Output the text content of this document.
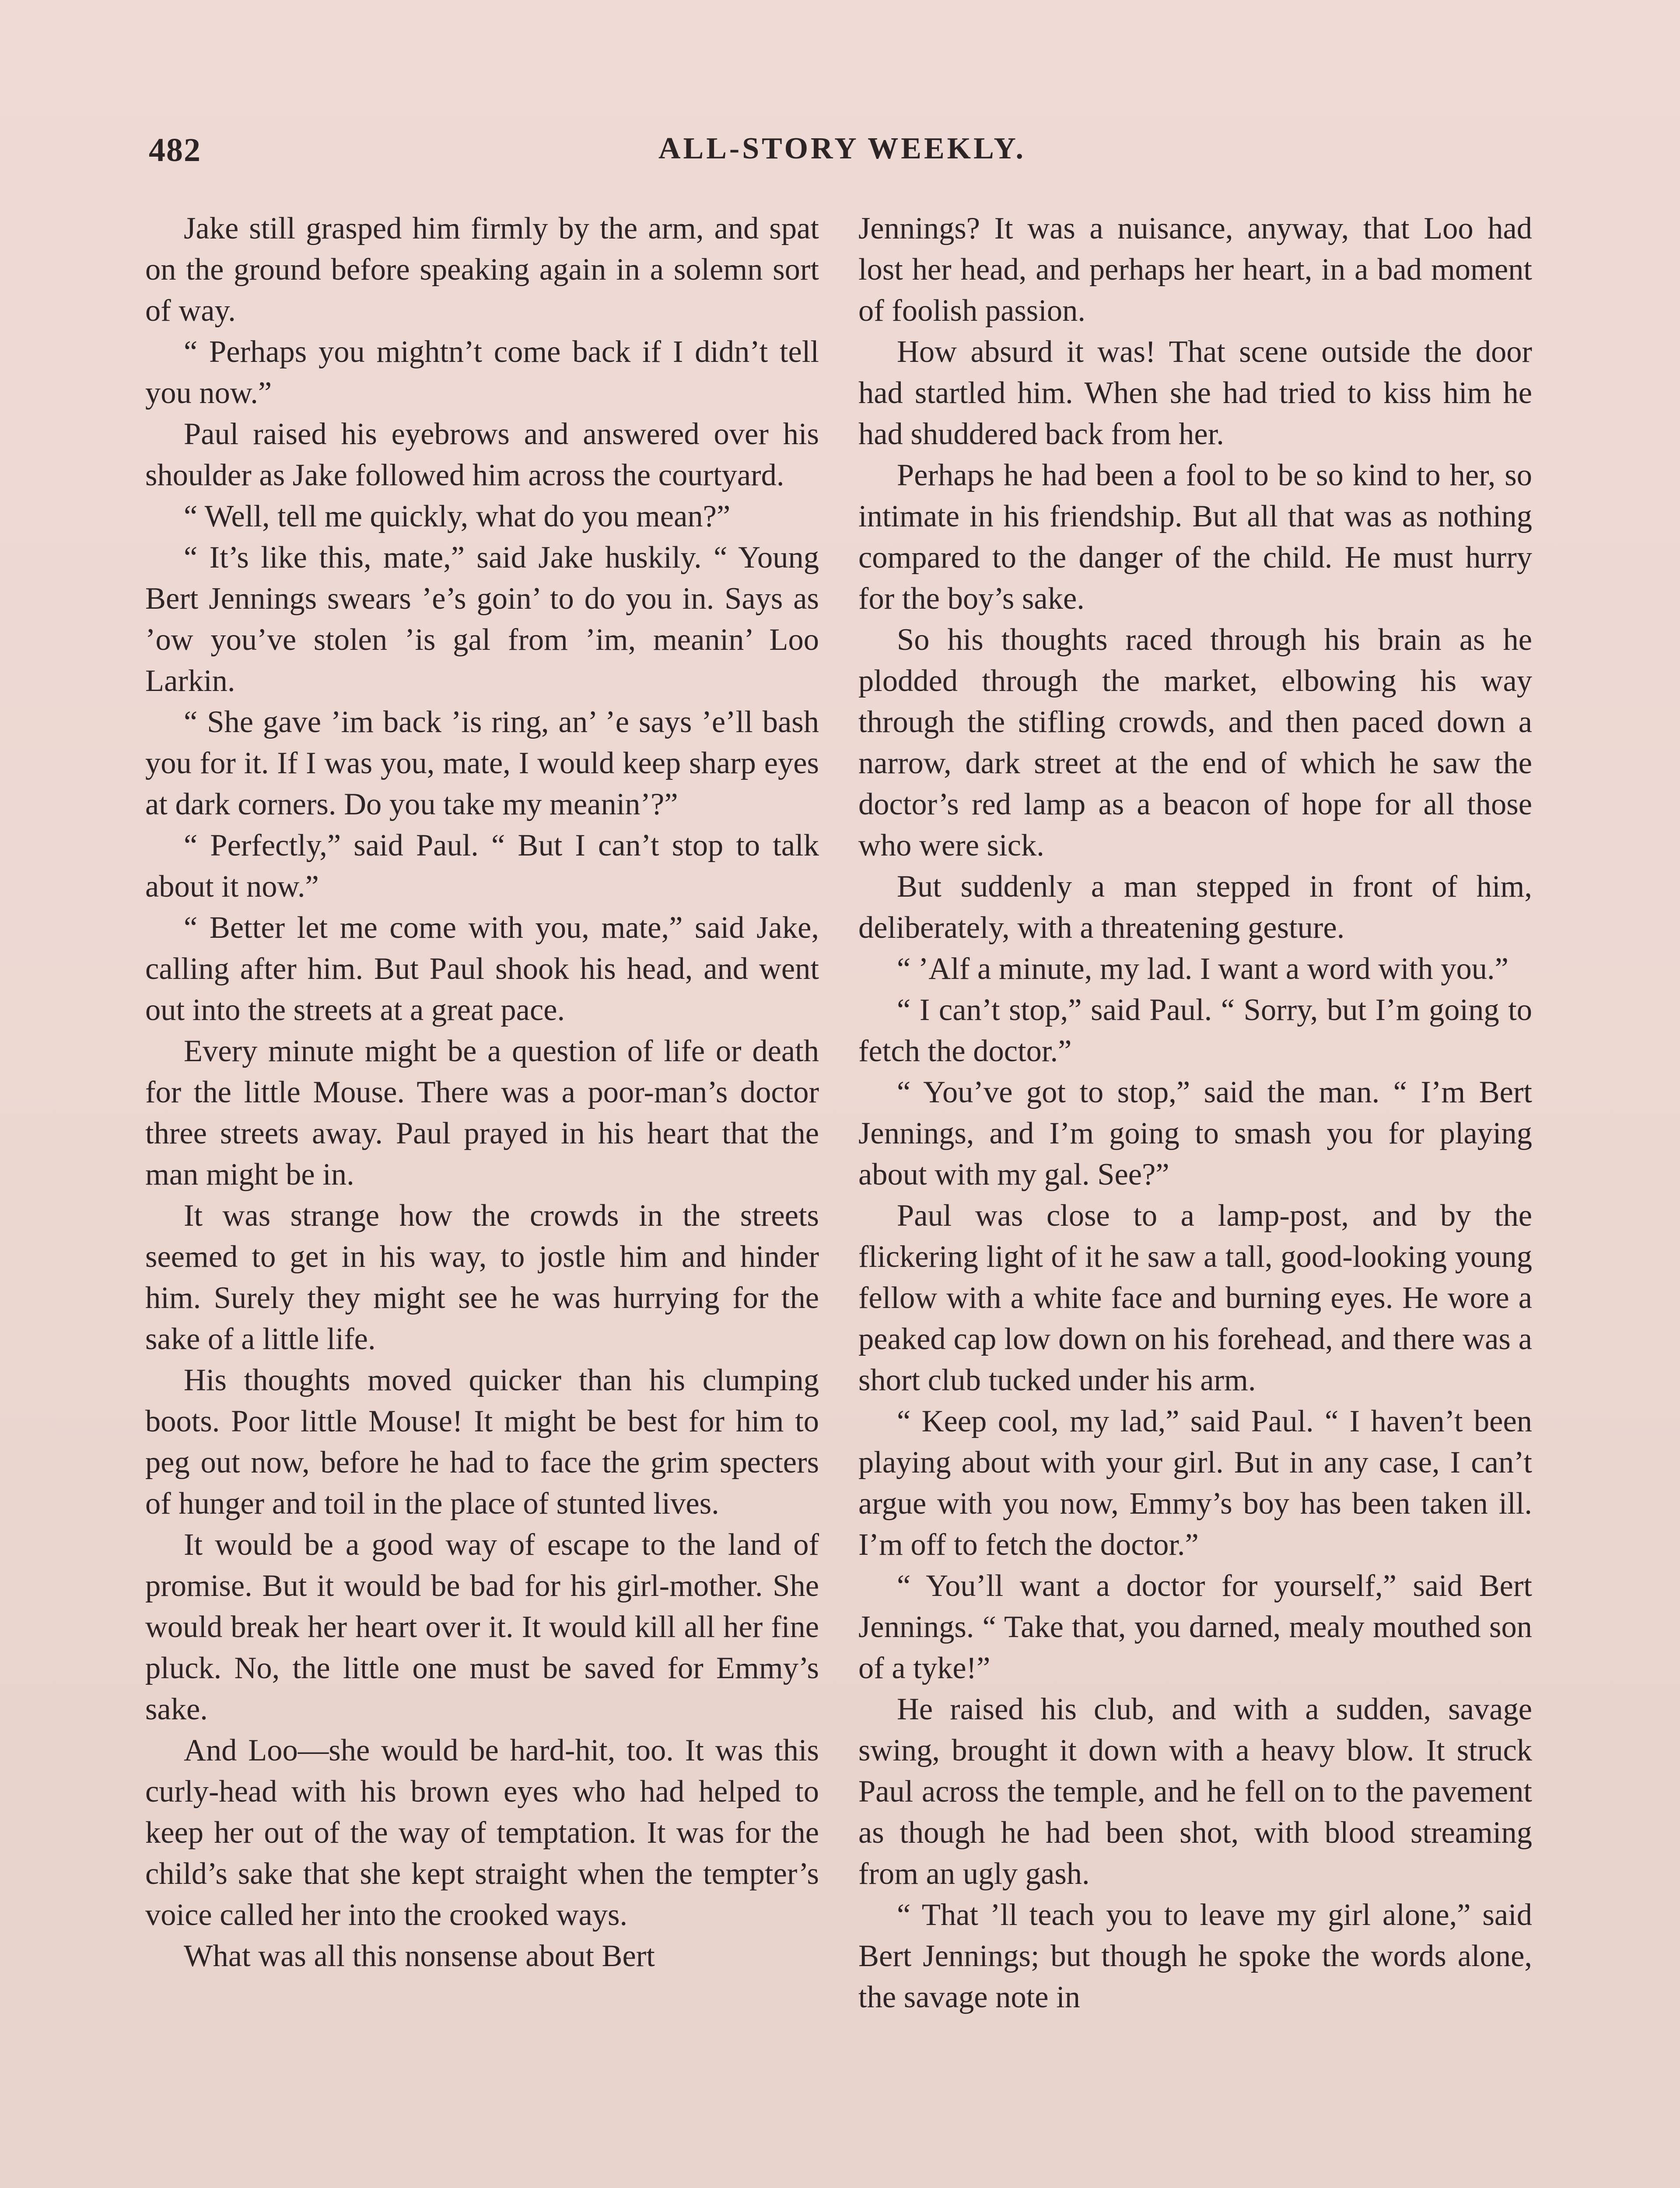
482	ALL-STORY WEEKLY.

Jake still grasped him firmly by the arm, and spat on the ground before speaking again in a solemn sort of way.

“ Perhaps you mightn’t come back if I didn’t tell you now.”

Paul raised his eyebrows and answered over his shoulder as Jake followed him across the courtyard.

“ Well, tell me quickly, what do you mean?”

“ It’s like this, mate,” said Jake huskily. “ Young Bert Jennings swears ’e’s goin’ to do you in. Says as ’ow you’ve stolen ’is gal from ’im, meanin’ Loo Larkin.

“ She gave ’im back ’is ring, an’ ’e says ’e’ll bash you for it. If I was you, mate, I would keep sharp eyes at dark corners. Do you take my meanin’?”

“ Perfectly,” said Paul. “ But I can’t stop to talk about it now.”

“ Better let me come with you, mate,” said Jake, calling after him. But Paul shook his head, and went out into the streets at a great pace.

Every minute might be a question of life or death for the little Mouse. There was a poor-man’s doctor three streets away. Paul prayed in his heart that the man might be in.

It was strange how the crowds in the streets seemed to get in his way, to jostle him and hinder him. Surely they might see he was hurrying for the sake of a little life.

His thoughts moved quicker than his clumping boots. Poor little Mouse! It might be best for him to peg out now, before he had to face the grim specters of hunger and toil in the place of stunted lives.

It would be a good way of escape to the land of promise. But it would be bad for his girl-mother. She would break her heart over it. It would kill all her fine pluck. No, the little one must be saved for Emmy’s sake.

And Loo—she would be hard-hit, too. It was this curly-head with his brown eyes who had helped to keep her out of the way of temptation. It was for the child’s sake that she kept straight when the tempter’s voice called her into the crooked ways.

What was all this nonsense about Bert

Jennings? It was a nuisance, anyway, that Loo had lost her head, and perhaps her heart, in a bad moment of foolish passion.

How absurd it was! That scene outside the door had startled him. When she had tried to kiss him he had shuddered back from her.

Perhaps he had been a fool to be so kind to her, so intimate in his friendship. But all that was as nothing compared to the danger of the child. He must hurry for the boy’s sake.

So his thoughts raced through his brain as he plodded through the market, elbowing his way through the stifling crowds, and then paced down a narrow, dark street at the end of which he saw the doctor’s red lamp as a beacon of hope for all those who were sick.

But suddenly a man stepped in front of him, deliberately, with a threatening gesture.

“ ’Alf a minute, my lad. I want a word with you.”

“ I can’t stop,” said Paul. “ Sorry, but I’m going to fetch the doctor.”

“ You’ve got to stop,” said the man. “ I’m Bert Jennings, and I’m going to smash you for playing about with my gal. See?”

Paul was close to a lamp-post, and by the flickering light of it he saw a tall, good-looking young fellow with a white face and burning eyes. He wore a peaked cap low down on his forehead, and there was a short club tucked under his arm.

“ Keep cool, my lad,” said Paul. “ I haven’t been playing about with your girl. But in any case, I can’t argue with you now, Emmy’s boy has been taken ill. I’m off to fetch the doctor.”

“ You’ll want a doctor for yourself,” said Bert Jennings. “ Take that, you darned, mealy mouthed son of a tyke!”

He raised his club, and with a sudden, savage swing, brought it down with a heavy blow. It struck Paul across the temple, and he fell on to the pavement as though he had been shot, with blood streaming from an ugly gash.

“ That ’ll teach you to leave my girl alone,” said Bert Jennings; but though he spoke the words alone, the savage note in
